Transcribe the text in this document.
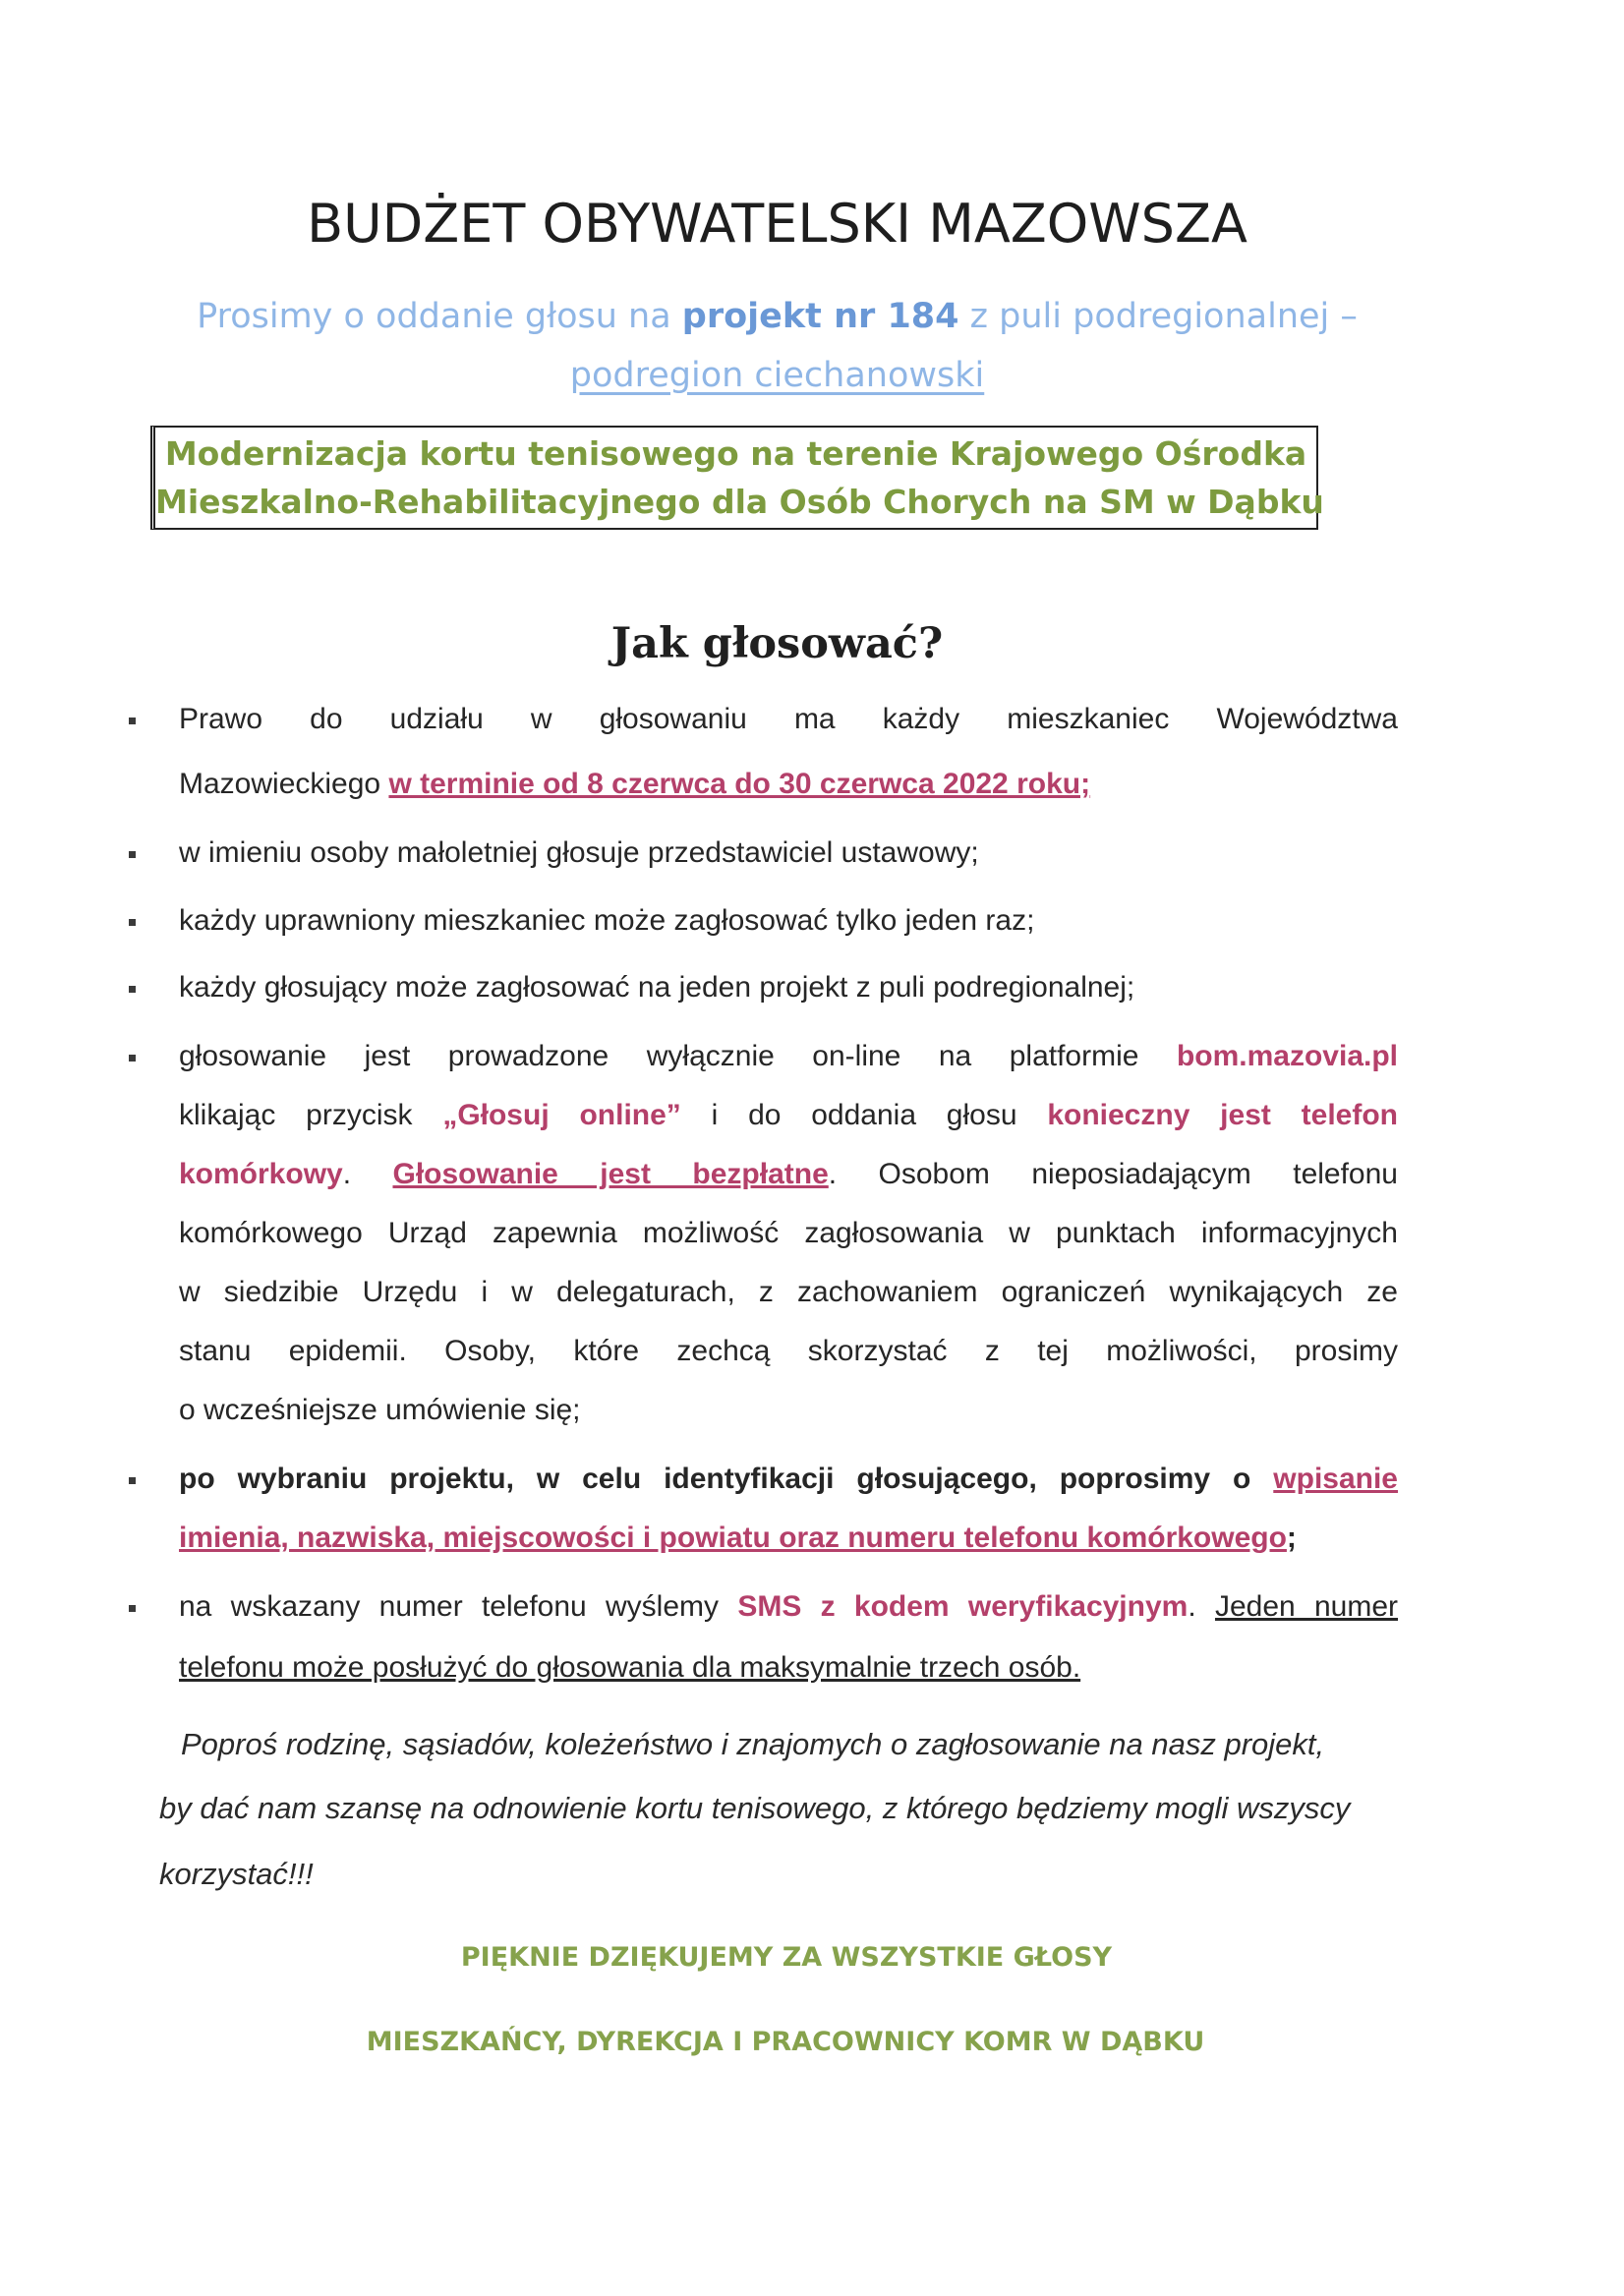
BUDŻET OBYWATELSKI MAZOWSZA
Prosimy o oddanie głosu na projekt nr 184 z puli podregionalnej –
podregion ciechanowski
Modernizacja kortu tenisowego na terenie Krajowego Ośrodka
Mieszkalno-Rehabilitacyjnego dla Osób Chorych na SM w Dąbku
Jak głosować?
Prawo do udziału w głosowaniu ma każdy mieszkaniec Województwa
Mazowieckiego w terminie od 8 czerwca do 30 czerwca 2022 roku;
w imieniu osoby małoletniej głosuje przedstawiciel ustawowy;
każdy uprawniony mieszkaniec może zagłosować tylko jeden raz;
każdy głosujący może zagłosować na jeden projekt z puli podregionalnej;
głosowanie jest prowadzone wyłącznie on-line na platformie bom.mazovia.pl
klikając przycisk „Głosuj online” i do oddania głosu konieczny jest telefon
komórkowy. Głosowanie jest bezpłatne. Osobom nieposiadającym telefonu
komórkowego Urząd zapewnia możliwość zagłosowania w punktach informacyjnych
w siedzibie Urzędu i w delegaturach, z zachowaniem ograniczeń wynikających ze
stanu epidemii. Osoby, które zechcą skorzystać z tej możliwości, prosimy
o wcześniejsze umówienie się;
po wybraniu projektu, w celu identyfikacji głosującego, poprosimy o wpisanie
imienia, nazwiska, miejscowości i powiatu oraz numeru telefonu komórkowego;
na wskazany numer telefonu wyślemy SMS z kodem weryfikacyjnym. Jeden numer
telefonu może posłużyć do głosowania dla maksymalnie trzech osób.
Poproś rodzinę, sąsiadów, koleżeństwo i znajomych o zagłosowanie na nasz projekt,
by dać nam szansę na odnowienie kortu tenisowego, z którego będziemy mogli wszyscy
korzystać!!!
PIĘKNIE DZIĘKUJEMY ZA WSZYSTKIE GŁOSY
MIESZKAŃCY, DYREKCJA I PRACOWNICY KOMR W DĄBKU
